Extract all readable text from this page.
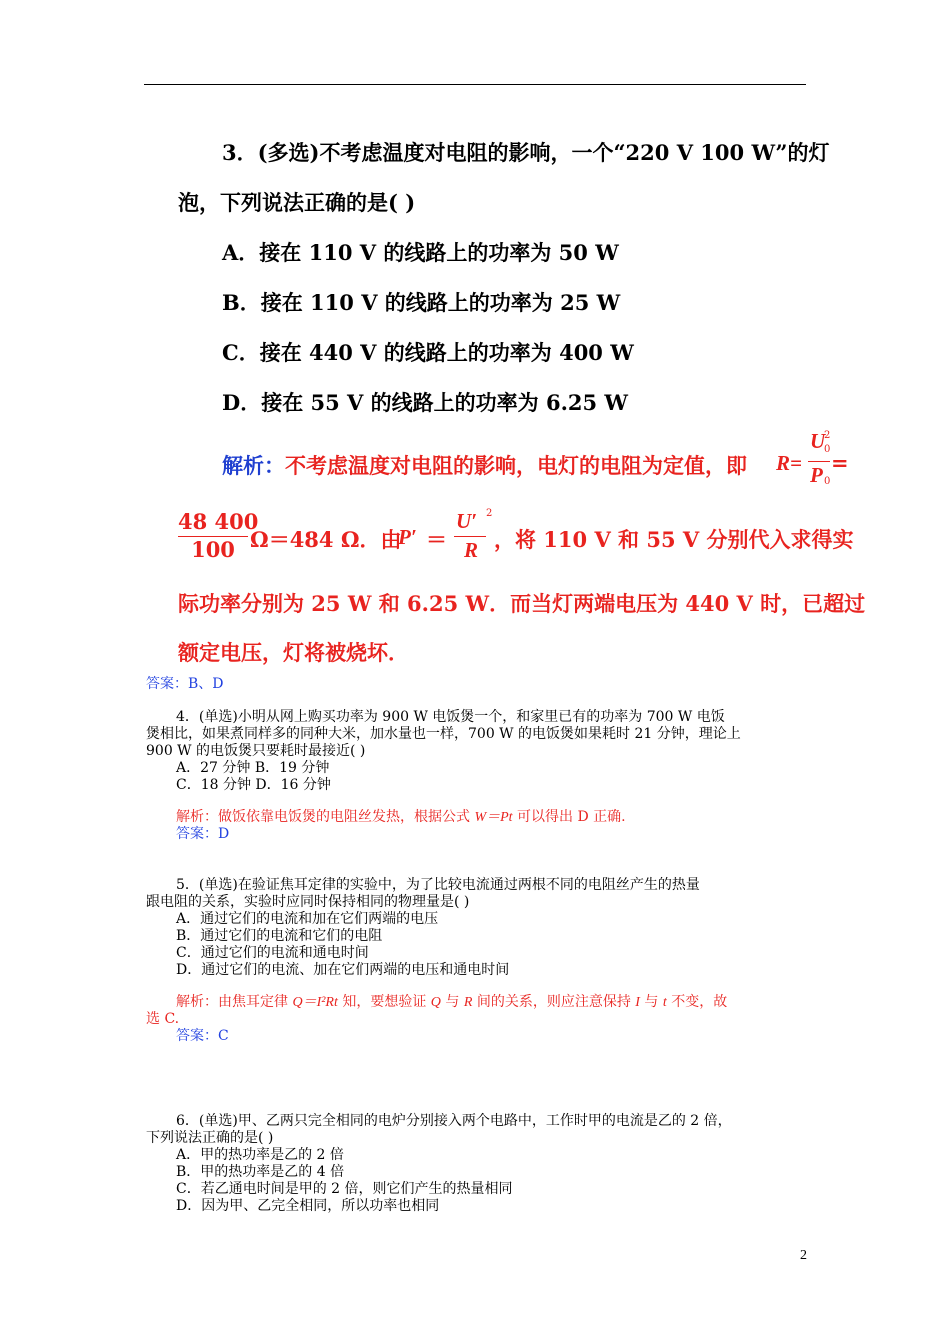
3．(多选)不考虑温度对电阻的影响，一个“220 V 100 W”的灯
泡，下列说法正确的是( )
A．接在 110 V 的线路上的功率为 50 W
B．接在 110 V 的线路上的功率为 25 W
C．接在 440 V 的线路上的功率为 400 W
D．接在 55 V 的线路上的功率为 6.25 W
解析：不考虑温度对电阻的影响，电灯的电阻为定值，即 R=
U
0
2
P 0
=
48 400
100 Ω＝484 Ω．由
P′ ＝
U′ 2
R ，将 110 V 和 55 V 分别代入求得实
际功率分别为 25 W 和 6.25 W．而当灯两端电压为 440 V 时，已超过
额定电压，灯将被烧坏．
答案：B、D
4．(单选)小明从网上购买功率为 900 W 电饭煲一个，和家里已有的功率为 700 W 电饭
煲相比，如果煮同样多的同种大米，加水量也一样，700 W 的电饭煲如果耗时 21 分钟，理论上
900 W 的电饭煲只要耗时最接近( )
A．27 分钟 B．19 分钟
C．18 分钟 D．16 分钟
解析：做饭依靠电饭煲的电阻丝发热，根据公式 W＝Pt 可以得出 D 正确.
答案：D
5．(单选)在验证焦耳定律的实验中，为了比较电流通过两根不同的电阻丝产生的热量
跟电阻的关系，实验时应同时保持相同的物理量是( )
A．通过它们的电流和加在它们两端的电压
B．通过它们的电流和它们的电阻
C．通过它们的电流和通电时间
D．通过它们的电流、加在它们两端的电压和通电时间
解析：由焦耳定律 Q＝I²Rt 知，要想验证 Q 与 R 间的关系，则应注意保持 I 与 t 不变，故
选 C.
答案：C
6．(单选)甲、乙两只完全相同的电炉分别接入两个电路中，工作时甲的电流是乙的 2 倍，
下列说法正确的是( )
A．甲的热功率是乙的 2 倍
B．甲的热功率是乙的 4 倍
C．若乙通电时间是甲的 2 倍，则它们产生的热量相同
D．因为甲、乙完全相同，所以功率也相同
2
